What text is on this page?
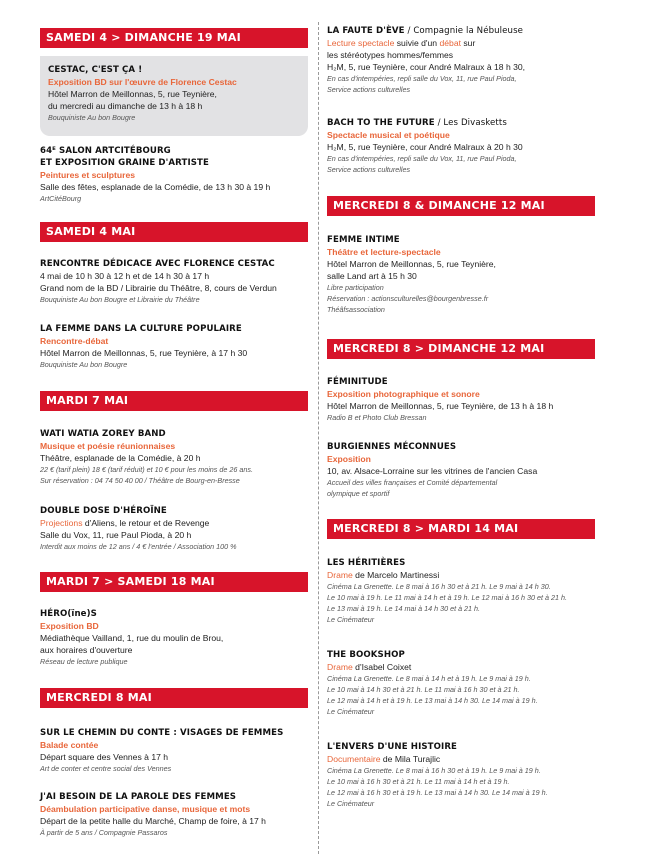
SAMEDI 4 > DIMANCHE 19 MAI
CESTAC, C'EST ÇA !
Exposition BD sur l'œuvre de Florence Cestac
Hôtel Marron de Meillonnas, 5, rue Teynière,
du mercredi au dimanche de 13 h à 18 h
Bouquiniste Au bon Bougre
64ᴱ SALON ARTCITÉBOURG
ET EXPOSITION GRAINE D'ARTISTE
Peintures et sculptures
Salle des fêtes, esplanade de la Comédie, de 13 h 30 à 19 h
ArtCitéBourg
SAMEDI 4 MAI
RENCONTRE DÉDICACE AVEC FLORENCE CESTAC
4 mai de 10 h 30 à 12 h et de 14 h 30 à 17 h
Grand nom de la BD / Librairie du Théâtre, 8, cours de Verdun
Bouquiniste Au bon Bougre et Librairie du Théâtre
LA FEMME DANS LA CULTURE POPULAIRE
Rencontre-débat
Hôtel Marron de Meillonnas, 5, rue Teynière, à 17 h 30
Bouquiniste Au bon Bougre
MARDI 7 MAI
WATI WATIA ZOREY BAND
Musique et poésie réunionnaises
Théâtre, esplanade de la Comédie, à 20 h
22 € (tarif plein) 18 € (tarif réduit) et 10 € pour les moins de 26 ans.
Sur réservation : 04 74 50 40 00 / Théâtre de Bourg-en-Bresse
DOUBLE DOSE D'HÉROÏNE
Projections d'Aliens, le retour et de Revenge
Salle du Vox, 11, rue Paul Pioda, à 20 h
Interdit aux moins de 12 ans / 4 € l'entrée / Association 100 %
MARDI 7 > SAMEDI 18 MAI
HÉRO(ïne)S
Exposition BD
Médiathèque Vailland, 1, rue du moulin de Brou,
aux horaires d'ouverture
Réseau de lecture publique
MERCREDI 8 MAI
SUR LE CHEMIN DU CONTE : VISAGES DE FEMMES
Balade contée
Départ square des Vennes à 17 h
Art de conter et centre social des Vennes
J'AI BESOIN DE LA PAROLE DES FEMMES
Déambulation participative danse, musique et mots
Départ de la petite halle du Marché, Champ de foire, à 17 h
À partir de 5 ans / Compagnie Passaros
LA FAUTE D'ÈVE / Compagnie la Nébuleuse
Lecture spectacle suivie d'un débat sur
les stéréotypes hommes/femmes
H₂M, 5, rue Teynière, cour André Malraux à 18 h 30,
En cas d'intempéries, repli salle du Vox, 11, rue Paul Pioda,
Service actions culturelles
BACH TO THE FUTURE / Les Divasketts
Spectacle musical et poétique
H₂M, 5, rue Teynière, cour André Malraux à 20 h 30
En cas d'intempéries, repli salle du Vox, 11, rue Paul Pioda,
Service actions culturelles
MERCREDI 8 & DIMANCHE 12 MAI
FEMME INTIME
Théâtre et lecture-spectacle
Hôtel Marron de Meillonnas, 5, rue Teynière,
salle Land art à 15 h 30
Libre participation
Réservation : actionsculturelles@bourgenbresse.fr
Théâfsassociation
MERCREDI 8 > DIMANCHE 12 MAI
FÉMINITUDE
Exposition photographique et sonore
Hôtel Marron de Meillonnas, 5, rue Teynière, de 13 h à 18 h
Radio B et Photo Club Bressan
BURGIENNES MÉCONNUES
Exposition
10, av. Alsace-Lorraine sur les vitrines de l'ancien Casa
Accueil des villes françaises et Comité départemental
olympique et sportif
MERCREDI 8 > MARDI 14 MAI
LES HÉRITIÈRES
Drame de Marcelo Martinessi
Cinéma La Grenette. Le 8 mai à 16 h 30 et à 21 h. Le 9 mai à 14 h 30.
Le 10 mai à 19 h. Le 11 mai à 14 h et à 19 h. Le 12 mai à 16 h 30 et à 21 h.
Le 13 mai à 19 h. Le 14 mai à 14 h 30 et à 21 h.
Le Cinémateur
THE BOOKSHOP
Drame d'Isabel Coixet
Cinéma La Grenette. Le 8 mai à 14 h et à 19 h. Le 9 mai à 19 h.
Le 10 mai à 14 h 30 et à 21 h. Le 11 mai à 16 h 30 et à 21 h.
Le 12 mai à 14 h et à 19 h. Le 13 mai à 14 h 30. Le 14 mai à 19 h.
Le Cinémateur
L'ENVERS D'UNE HISTOIRE
Documentaire de Mila Turajlic
Cinéma La Grenette. Le 8 mai à 16 h 30 et à 19 h. Le 9 mai à 19 h.
Le 10 mai à 16 h 30 et à 21 h. Le 11 mai à 14 h et à 19 h.
Le 12 mai à 16 h 30 et à 19 h. Le 13 mai à 14 h 30. Le 14 mai à 19 h.
Le Cinémateur
